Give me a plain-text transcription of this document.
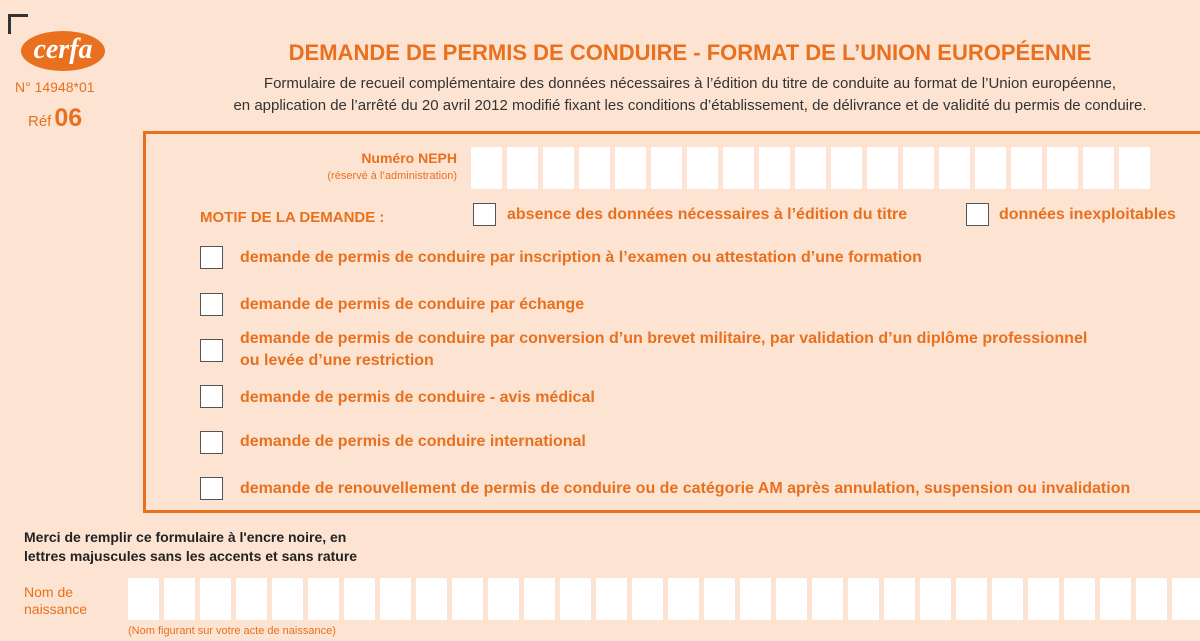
cerfa
N° 14948*01
Réf 06
DEMANDE DE PERMIS DE CONDUIRE - FORMAT DE L’UNION EUROPÉENNE
Formulaire de recueil complémentaire des données nécessaires à l’édition du titre de conduite au format de l’Union européenne,
en application de l’arrêté du 20 avril 2012 modifié fixant les conditions d’établissement, de délivrance et de validité du permis de conduire.
Numéro NEPH
(réservé à l’administration)
MOTIF DE LA DEMANDE :	absence des données nécessaires à l’édition du titre	données inexploitables
demande de permis de conduire par inscription à l’examen ou attestation d’une formation
demande de permis de conduire par échange
demande de permis de conduire par conversion d’un brevet militaire, par validation d’un diplôme professionnel
ou levée d’une restriction
demande de permis de conduire - avis médical
demande de permis de conduire international
demande de renouvellement de permis de conduire ou de catégorie AM après annulation, suspension ou invalidation
Merci de remplir ce formulaire à l'encre noire, en
lettres majuscules sans les accents et sans rature
Nom de
naissance
(Nom figurant sur votre acte de naissance)
